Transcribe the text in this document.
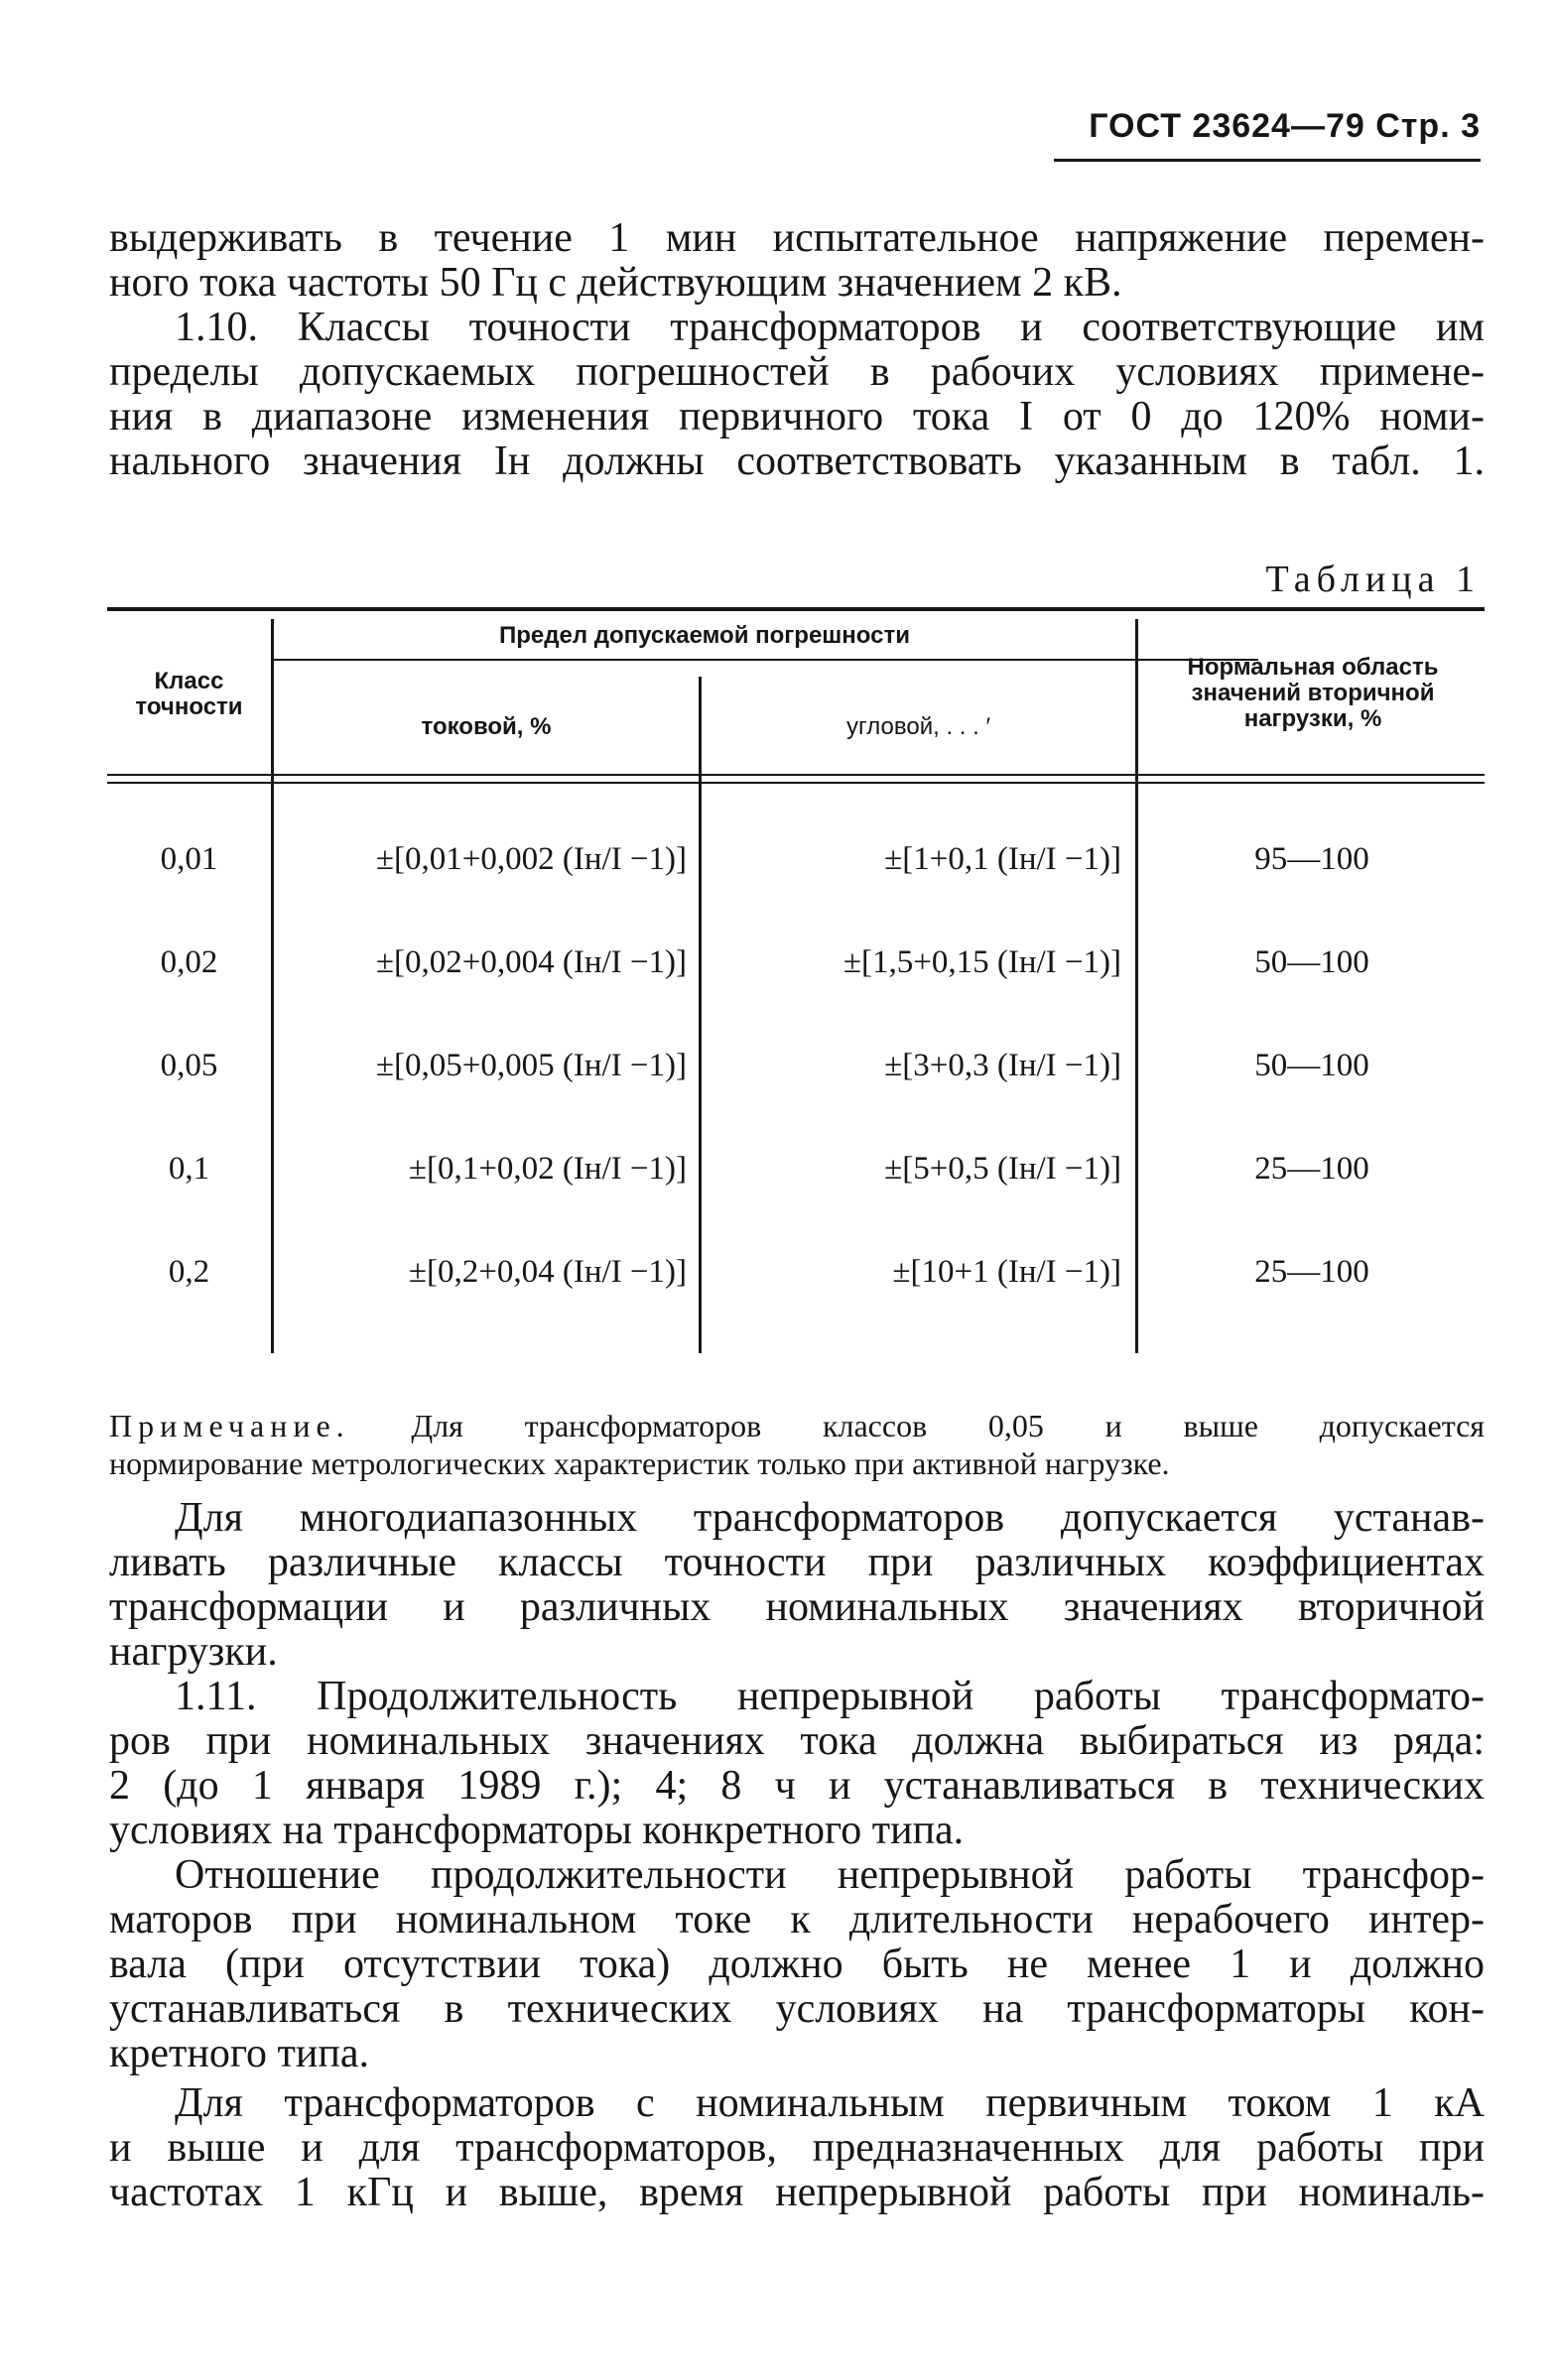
ГОСТ 23624—79 Стр. 3

выдерживать в течение 1 мин испытательное напряжение перемен-
ного тока частоты 50 Гц с действующим значением 2 кВ.

1.10. Классы точности трансформаторов и соответствующие им
пределы допускаемых погрешностей в рабочих условиях примене-
ния в диапазоне изменения первичного тока I от 0 до 120% номи-
нального значения Iн должны соответствовать указанным в табл. 1.

Таблица 1
Класс точности
Предел допускаемой погрешности
токовой, %	угловой, . . . ′
Нормальная область значений вторичной нагрузки, %
0,01	±[0,01+0,002 (Iн/I −1)]	±[1+0,1 (Iн/I −1)]	95—100
0,02	±[0,02+0,004 (Iн/I −1)]	±[1,5+0,15 (Iн/I −1)]	50—100
0,05	±[0,05+0,005 (Iн/I −1)]	±[3+0,3 (Iн/I −1)]	50—100
0,1	±[0,1+0,02 (Iн/I −1)]	±[5+0,5 (Iн/I −1)]	25—100
0,2	±[0,2+0,04 (Iн/I −1)]	±[10+1 (Iн/I −1)]	25—100

Примечание. Для трансформаторов классов 0,05 и выше допускается
нормирование метрологических характеристик только при активной нагрузке.

Для многодиапазонных трансформаторов допускается устанав-
ливать различные классы точности при различных коэффициентах
трансформации и различных номинальных значениях вторичной
нагрузки.

1.11. Продолжительность непрерывной работы трансформато-
ров при номинальных значениях тока должна выбираться из ряда:
2 (до 1 января 1989 г.); 4; 8 ч и устанавливаться в технических
условиях на трансформаторы конкретного типа.

Отношение продолжительности непрерывной работы трансфор-
маторов при номинальном токе к длительности нерабочего интер-
вала (при отсутствии тока) должно быть не менее 1 и должно
устанавливаться в технических условиях на трансформаторы кон-
кретного типа.

Для трансформаторов с номинальным первичным током 1 кА
и выше и для трансформаторов, предназначенных для работы при
частотах 1 кГц и выше, время непрерывной работы при номиналь-
